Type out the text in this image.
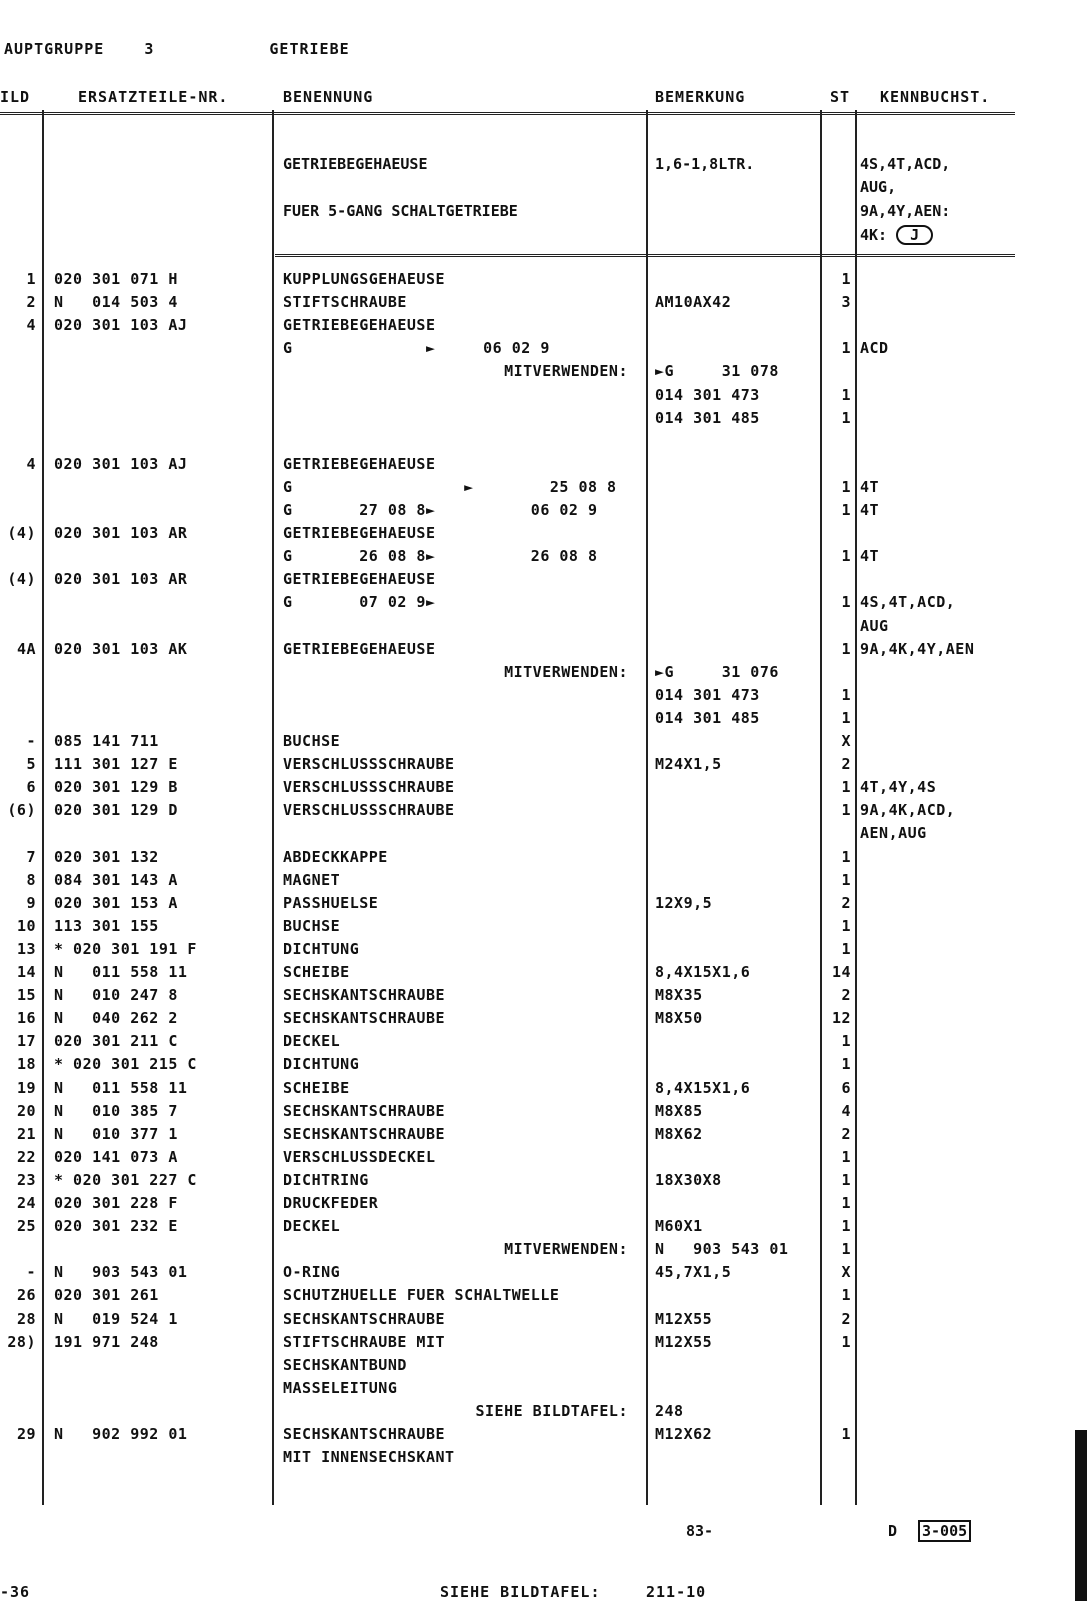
AUPTGRUPPE	3	GETRIEBE
ILD	ERSATZTEILE-NR.	BENENNUNG	BEMERKUNG	ST KENNBUCHST.
GETRIEBEGEHAEUSE
FUER 5-GANG SCHALTGETRIEBE
1,6-1,8LTR.	4S,4T,ACD,
AUG,
9A,4Y,AEN:
4K: J
1 020 301 071 H	KUPPLUNGSGEHAEUSE	1
2 N   014 503 4	STIFTSCHRAUBE	AM10AX42	3
4 020 301 103 AJ	GETRIEBEGEHAEUSE
G              ►     06 02 9	1 ACD
MITVERWENDEN: ►G     31 078
014 301 473	1
014 301 485	1
4 020 301 103 AJ	GETRIEBEGEHAEUSE
G                  ►        25 08 8	1 4T
G       27 08 8►          06 02 9	1 4T
(4) 020 301 103 AR	GETRIEBEGEHAEUSE
G       26 08 8►          26 08 8	1 4T
(4) 020 301 103 AR	GETRIEBEGEHAEUSE
G       07 02 9►	1 4S,4T,ACD,
AUG
4A 020 301 103 AK	GETRIEBEGEHAEUSE	1 9A,4K,4Y,AEN
MITVERWENDEN: ►G     31 076
014 301 473	1
014 301 485	1
- 085 141 711	BUCHSE	X
5 111 301 127 E	VERSCHLUSSSCHRAUBE	M24X1,5	2
6 020 301 129 B	VERSCHLUSSSCHRAUBE	1 4T,4Y,4S
(6) 020 301 129 D	VERSCHLUSSSCHRAUBE	1 9A,4K,ACD,
AEN,AUG
7 020 301 132	ABDECKKAPPE	1
8 084 301 143 A	MAGNET	1
9 020 301 153 A	PASSHUELSE	12X9,5	2
10 113 301 155	BUCHSE	1
13 * 020 301 191 F	DICHTUNG	1
14 N   011 558 11	SCHEIBE	8,4X15X1,6	14
15 N   010 247 8	SECHSKANTSCHRAUBE	M8X35	2
16 N   040 262 2	SECHSKANTSCHRAUBE	M8X50	12
17 020 301 211 C	DECKEL	1
18 * 020 301 215 C	DICHTUNG	1
19 N   011 558 11	SCHEIBE	8,4X15X1,6	6
20 N   010 385 7	SECHSKANTSCHRAUBE	M8X85	4
21 N   010 377 1	SECHSKANTSCHRAUBE	M8X62	2
22 020 141 073 A	VERSCHLUSSDECKEL	1
23 * 020 301 227 C	DICHTRING	18X30X8	1
24 020 301 228 F	DRUCKFEDER	1
25 020 301 232 E	DECKEL	M60X1	1
MITVERWENDEN: N   903 543 01	1
- N   903 543 01	O-RING	45,7X1,5	X
26 020 301 261	SCHUTZHUELLE FUER SCHALTWELLE	1
28 N   019 524 1	SECHSKANTSCHRAUBE	M12X55	2
28) 191 971 248	STIFTSCHRAUBE MIT	M12X55	1
SECHSKANTBUND
MASSELEITUNG
SIEHE BILDTAFEL: 248
29 N   902 992 01	SECHSKANTSCHRAUBE	M12X62	1
MIT INNENSECHSKANT
83-	D 3-005
-36	SIEHE BILDTAFEL:	211-10
